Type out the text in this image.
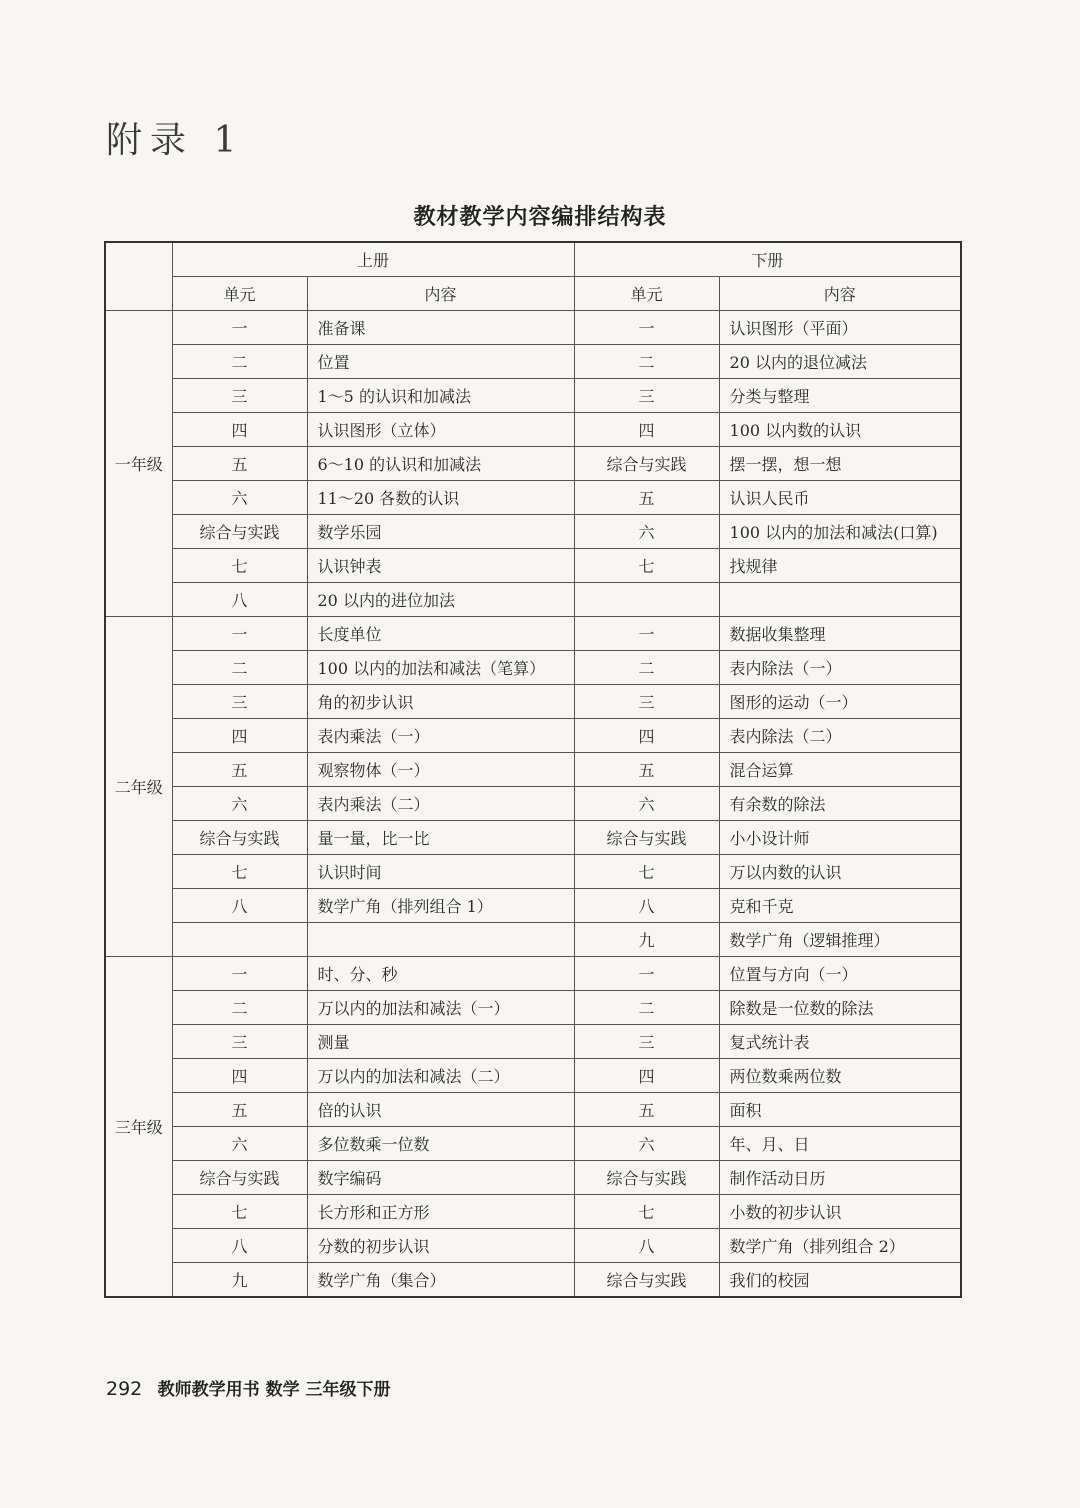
附录 1
教材教学内容编排结构表
	上册		下册	
	单元	内容	单元	内容
一年级	一	准备课	一	认识图形（平面）
	二	位置	二	20 以内的退位减法
	三	1～5 的认识和加减法	三	分类与整理
	四	认识图形（立体）	四	100 以内数的认识
	五	6～10 的认识和加减法	综合与实践	摆一摆，想一想
	六	11～20 各数的认识	五	认识人民币
	综合与实践	数学乐园	六	100 以内的加法和减法(口算)
	七	认识钟表	七	找规律
	八	20 以内的进位加法		
二年级	一	长度单位	一	数据收集整理
	二	100 以内的加法和减法（笔算）	二	表内除法（一）
	三	角的初步认识	三	图形的运动（一）
	四	表内乘法（一）	四	表内除法（二）
	五	观察物体（一）	五	混合运算
	六	表内乘法（二）	六	有余数的除法
	综合与实践	量一量，比一比	综合与实践	小小设计师
	七	认识时间	七	万以内数的认识
	八	数学广角（排列组合 1）	八	克和千克
			九	数学广角（逻辑推理）
三年级	一	时、分、秒	一	位置与方向（一）
	二	万以内的加法和减法（一）	二	除数是一位数的除法
	三	测量	三	复式统计表
	四	万以内的加法和减法（二）	四	两位数乘两位数
	五	倍的认识	五	面积
	六	多位数乘一位数	六	年、月、日
	综合与实践	数字编码	综合与实践	制作活动日历
	七	长方形和正方形	七	小数的初步认识
	八	分数的初步认识	八	数学广角（排列组合 2）
	九	数学广角（集合）	综合与实践	我们的校园
292 教师教学用书 数学 三年级下册
